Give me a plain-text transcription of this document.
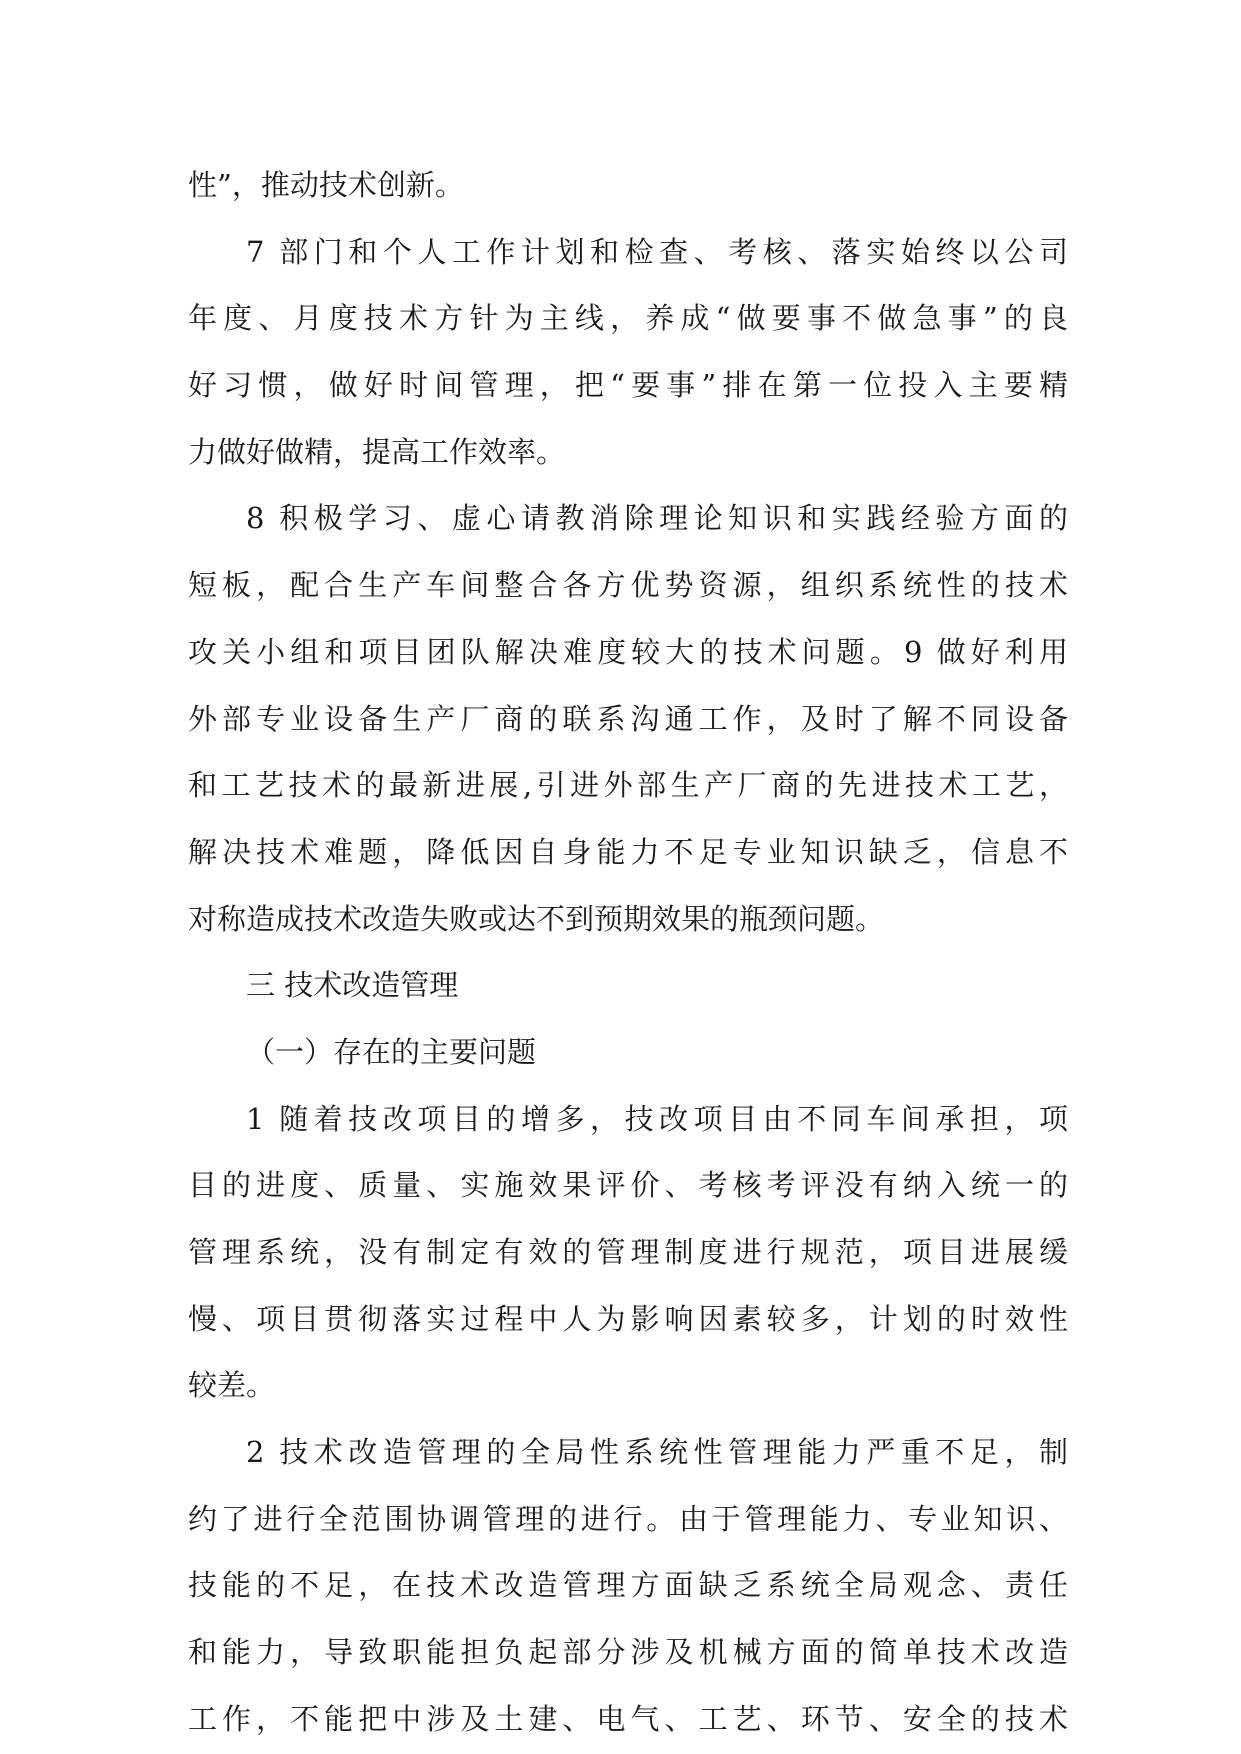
性”，推动技术创新。
7 部门和个人工作计划和检查、考核、落实始终以公司
年度、月度技术方针为主线，养成“做要事不做急事”的良
好习惯，做好时间管理，把“要事”排在第一位投入主要精
力做好做精，提高工作效率。
8 积极学习、虚心请教消除理论知识和实践经验方面的
短板，配合生产车间整合各方优势资源，组织系统性的技术
攻关小组和项目团队解决难度较大的技术问题。9 做好利用
外部专业设备生产厂商的联系沟通工作，及时了解不同设备
和工艺技术的最新进展,引进外部生产厂商的先进技术工艺，
解决技术难题，降低因自身能力不足专业知识缺乏，信息不
对称造成技术改造失败或达不到预期效果的瓶颈问题。
三 技术改造管理
（一）存在的主要问题
1 随着技改项目的增多，技改项目由不同车间承担，项
目的进度、质量、实施效果评价、考核考评没有纳入统一的
管理系统，没有制定有效的管理制度进行规范，项目进展缓
慢、项目贯彻落实过程中人为影响因素较多，计划的时效性
较差。
2 技术改造管理的全局性系统性管理能力严重不足，制
约了进行全范围协调管理的进行。由于管理能力、专业知识、
技能的不足，在技术改造管理方面缺乏系统全局观念、责任
和能力，导致职能担负起部分涉及机械方面的简单技术改造
工作，不能把中涉及土建、电气、工艺、环节、安全的技术
